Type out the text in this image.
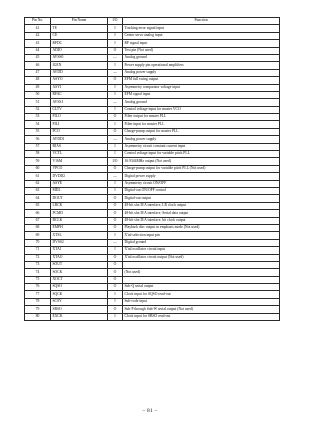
Pin No.	Pin Name	I/O	Function
41	TE	I	Tracking error signal input
42	CE	I	Center servo analog input
43	RFDC	I	RF signal input
44	ADIO	O	Test pin (Not used)
45	AVSS0	—	Analog ground
46	IGEN	I	Power supply pin operational amplifiers
47	AVDD	—	Analog power supply
48	ASYO	O	EFM full swing output
49	ASYI	I	Asymmetry comparator voltage input
50	RFAC	I	EFM signal input
51	AVSS1	—	Analog ground
52	CLTV	I	Control voltage input for master VCO
53	FILO	O	Filter output for master PLL
54	FILI	I	Filter input for master PLL
55	PCO	O	Charge-pump output for master PLL
56	AVDD1	—	Analog power supply
57	BIAS	I	Asymmetry circuit constant current input
58	VCTL	I	Control voltage input for variable pitch PLL
59	V16M	I/O	16.9344MHz output (Not used)
60	VPCO	O	Charge-pump output for variable pitch PLL (Not used)
61	DVDD2	—	Digital power supply
62	ASYE	I	Asymmetry circuit ON/OFF
63	MD2	I	Digital-out ON/OFF control
64	DOUT	O	Digital-out output
65	LRCK	O	48-bit slot D/A interface, LR clock output
66	PCMD	O	48-bit slot D/A interface, Serial data output
67	BCLK	O	48-bit slot D/A interface, bit clock output
68	EMPH	O	Playback disc output in emphasis mode (Not used)
69	XTSL	I	X'tal selection input pin
70	DVSS2	—	Digital ground
71	XTAI	I	X'tal oscillator circuit input
72	XTAO	O	X'tal oscillator circuit output (Not used)
73	SOUT	O	
74	SOCK	O	(Not used)
75	XOCT	O	
76	SQSO	O	Sub-Q serial output
77	SQCK	I	Clock input for SQSO read-out
78	SCSY	I	Sub-code input
79	SBSO	O	Sub-P through Sub-W serial output (Not used)
80	EXCK	I	Clock input for SBSO read-out
– 81 –
